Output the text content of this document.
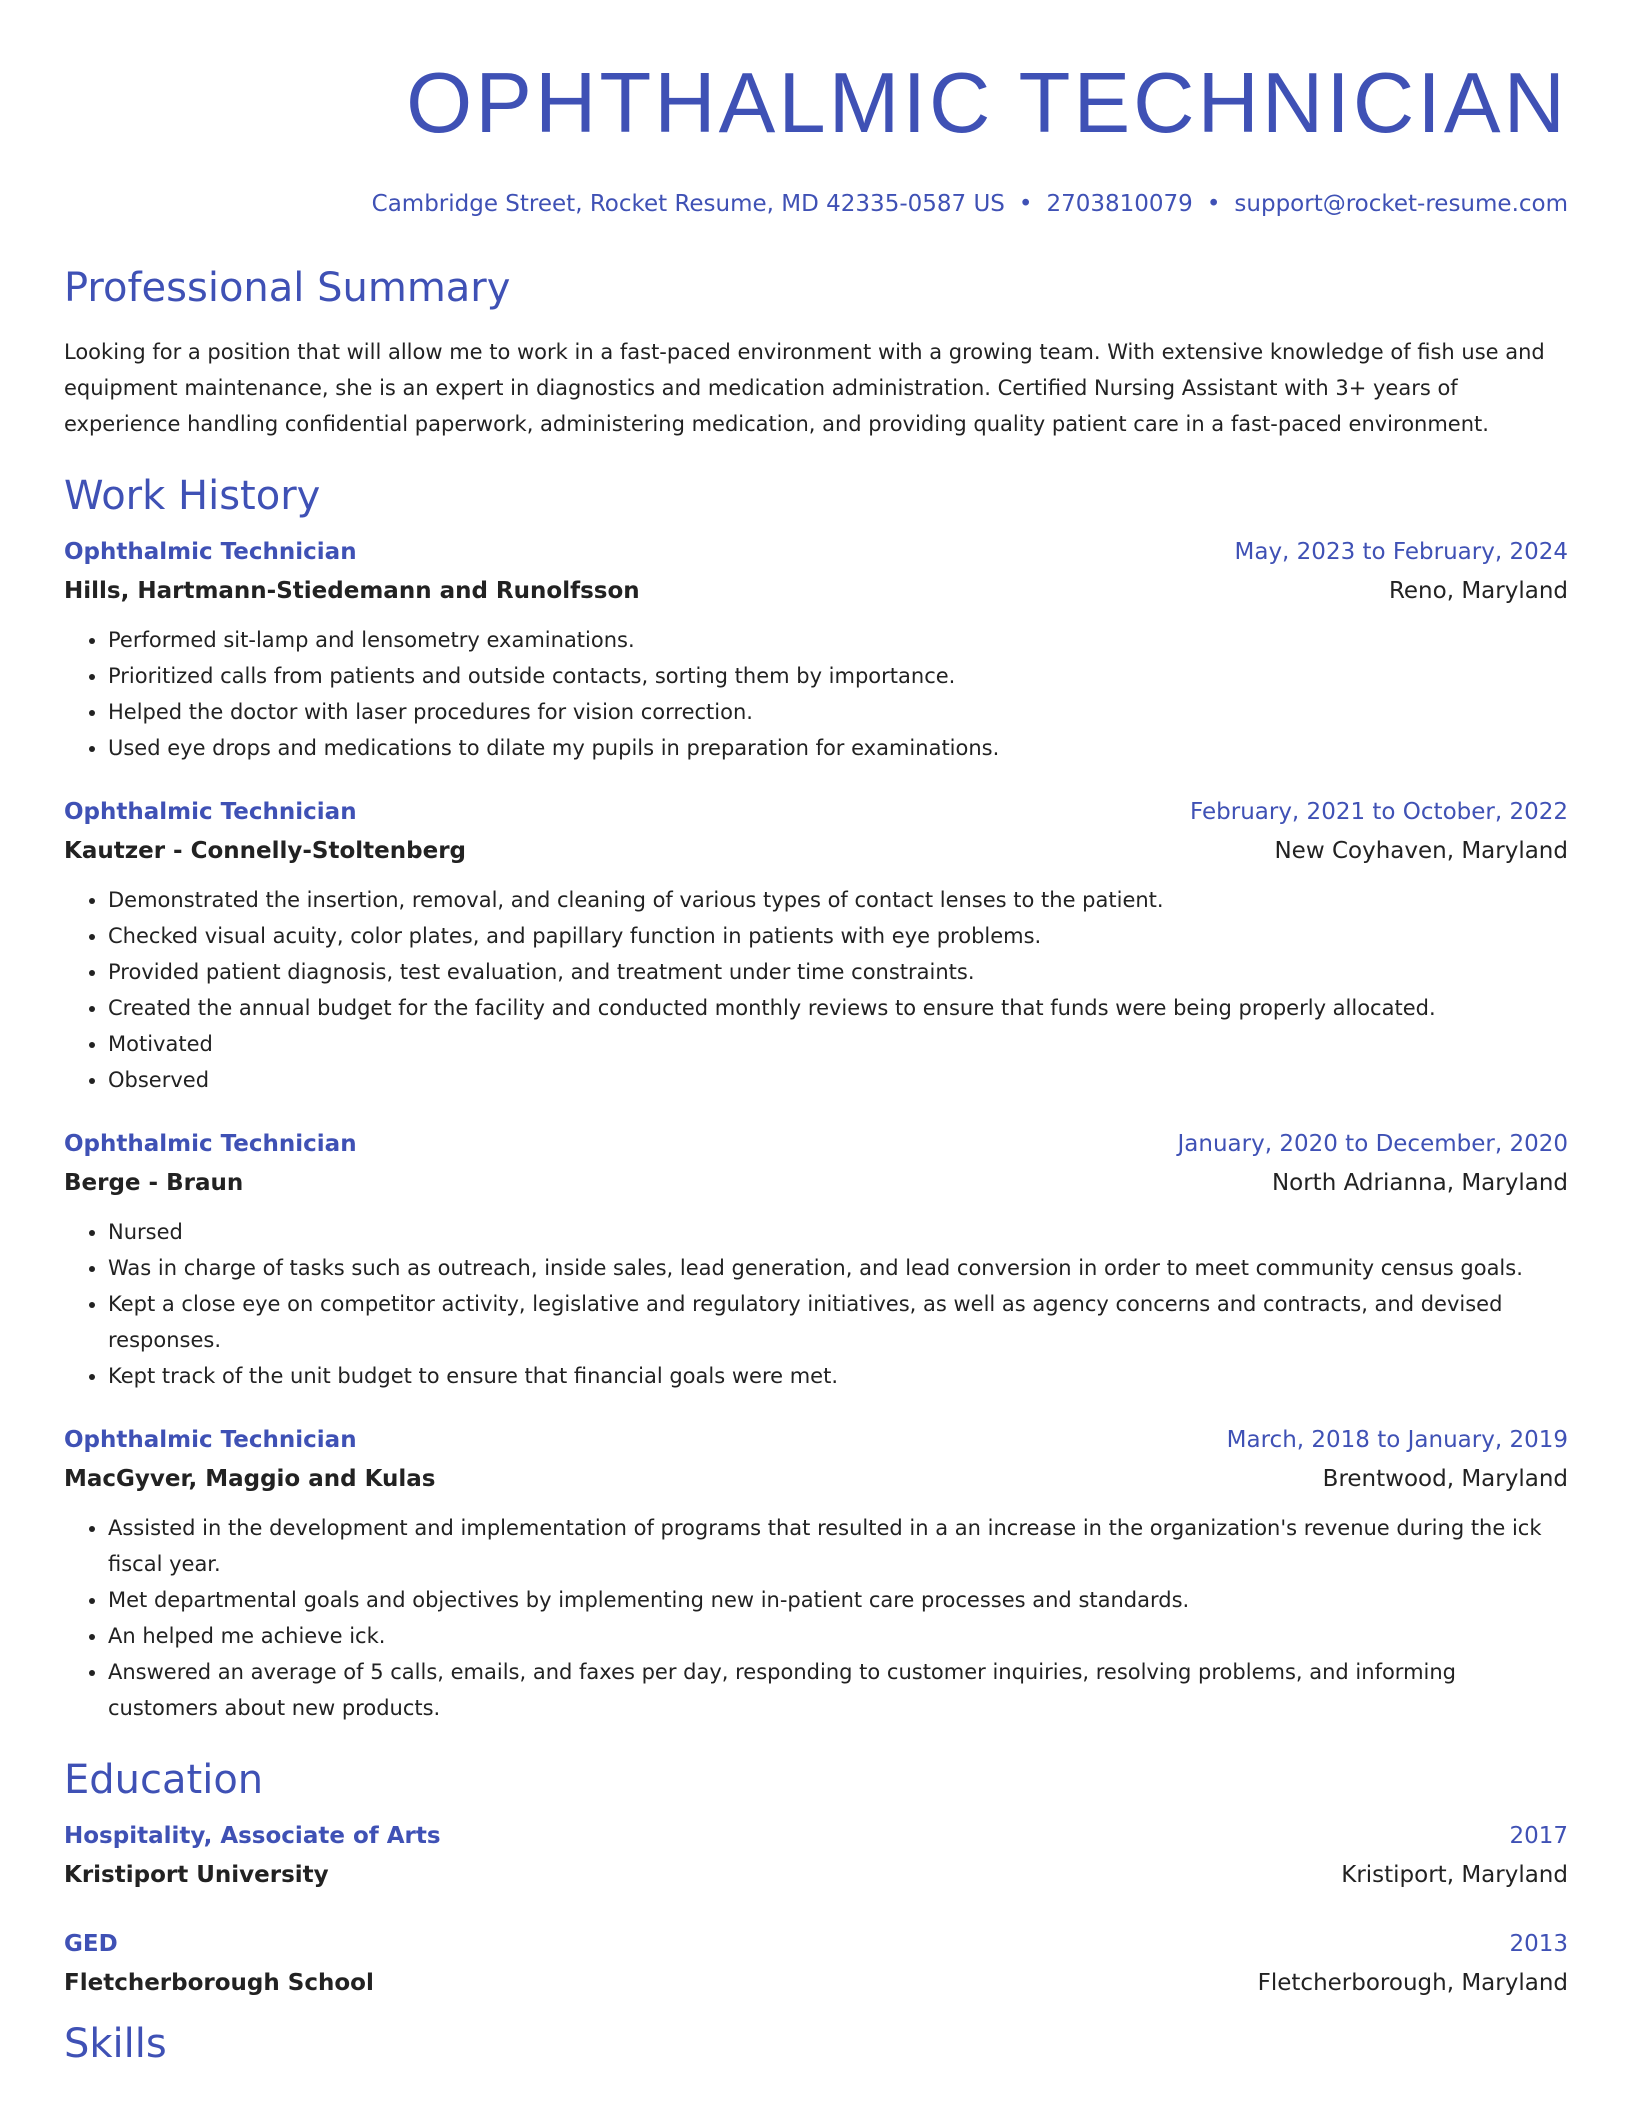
OPHTHALMIC TECHNICIAN
Cambridge Street, Rocket Resume, MD 42335-0587 US • 2703810079 • support@rocket-resume.com
Professional Summary
Looking for a position that will allow me to work in a fast-paced environment with a growing team. With extensive knowledge of fish use and equipment maintenance, she is an expert in diagnostics and medication administration. Certified Nursing Assistant with 3+ years of experience handling confidential paperwork, administering medication, and providing quality patient care in a fast-paced environment.
Work History
Ophthalmic Technician	May, 2023 to February, 2024
Hills, Hartmann-Stiedemann and Runolfsson	Reno, Maryland
• Performed sit-lamp and lensometry examinations.
• Prioritized calls from patients and outside contacts, sorting them by importance.
• Helped the doctor with laser procedures for vision correction.
• Used eye drops and medications to dilate my pupils in preparation for examinations.
Ophthalmic Technician	February, 2021 to October, 2022
Kautzer - Connelly-Stoltenberg	New Coyhaven, Maryland
• Demonstrated the insertion, removal, and cleaning of various types of contact lenses to the patient.
• Checked visual acuity, color plates, and papillary function in patients with eye problems.
• Provided patient diagnosis, test evaluation, and treatment under time constraints.
• Created the annual budget for the facility and conducted monthly reviews to ensure that funds were being properly allocated.
• Motivated
• Observed
Ophthalmic Technician	January, 2020 to December, 2020
Berge - Braun	North Adrianna, Maryland
• Nursed
• Was in charge of tasks such as outreach, inside sales, lead generation, and lead conversion in order to meet community census goals.
• Kept a close eye on competitor activity, legislative and regulatory initiatives, as well as agency concerns and contracts, and devised responses.
• Kept track of the unit budget to ensure that financial goals were met.
Ophthalmic Technician	March, 2018 to January, 2019
MacGyver, Maggio and Kulas	Brentwood, Maryland
• Assisted in the development and implementation of programs that resulted in a an increase in the organization's revenue during the ick fiscal year.
• Met departmental goals and objectives by implementing new in-patient care processes and standards.
• An helped me achieve ick.
• Answered an average of 5 calls, emails, and faxes per day, responding to customer inquiries, resolving problems, and informing customers about new products.
Education
Hospitality, Associate of Arts	2017
Kristiport University	Kristiport, Maryland
GED	2013
Fletcherborough School	Fletcherborough, Maryland
Skills
